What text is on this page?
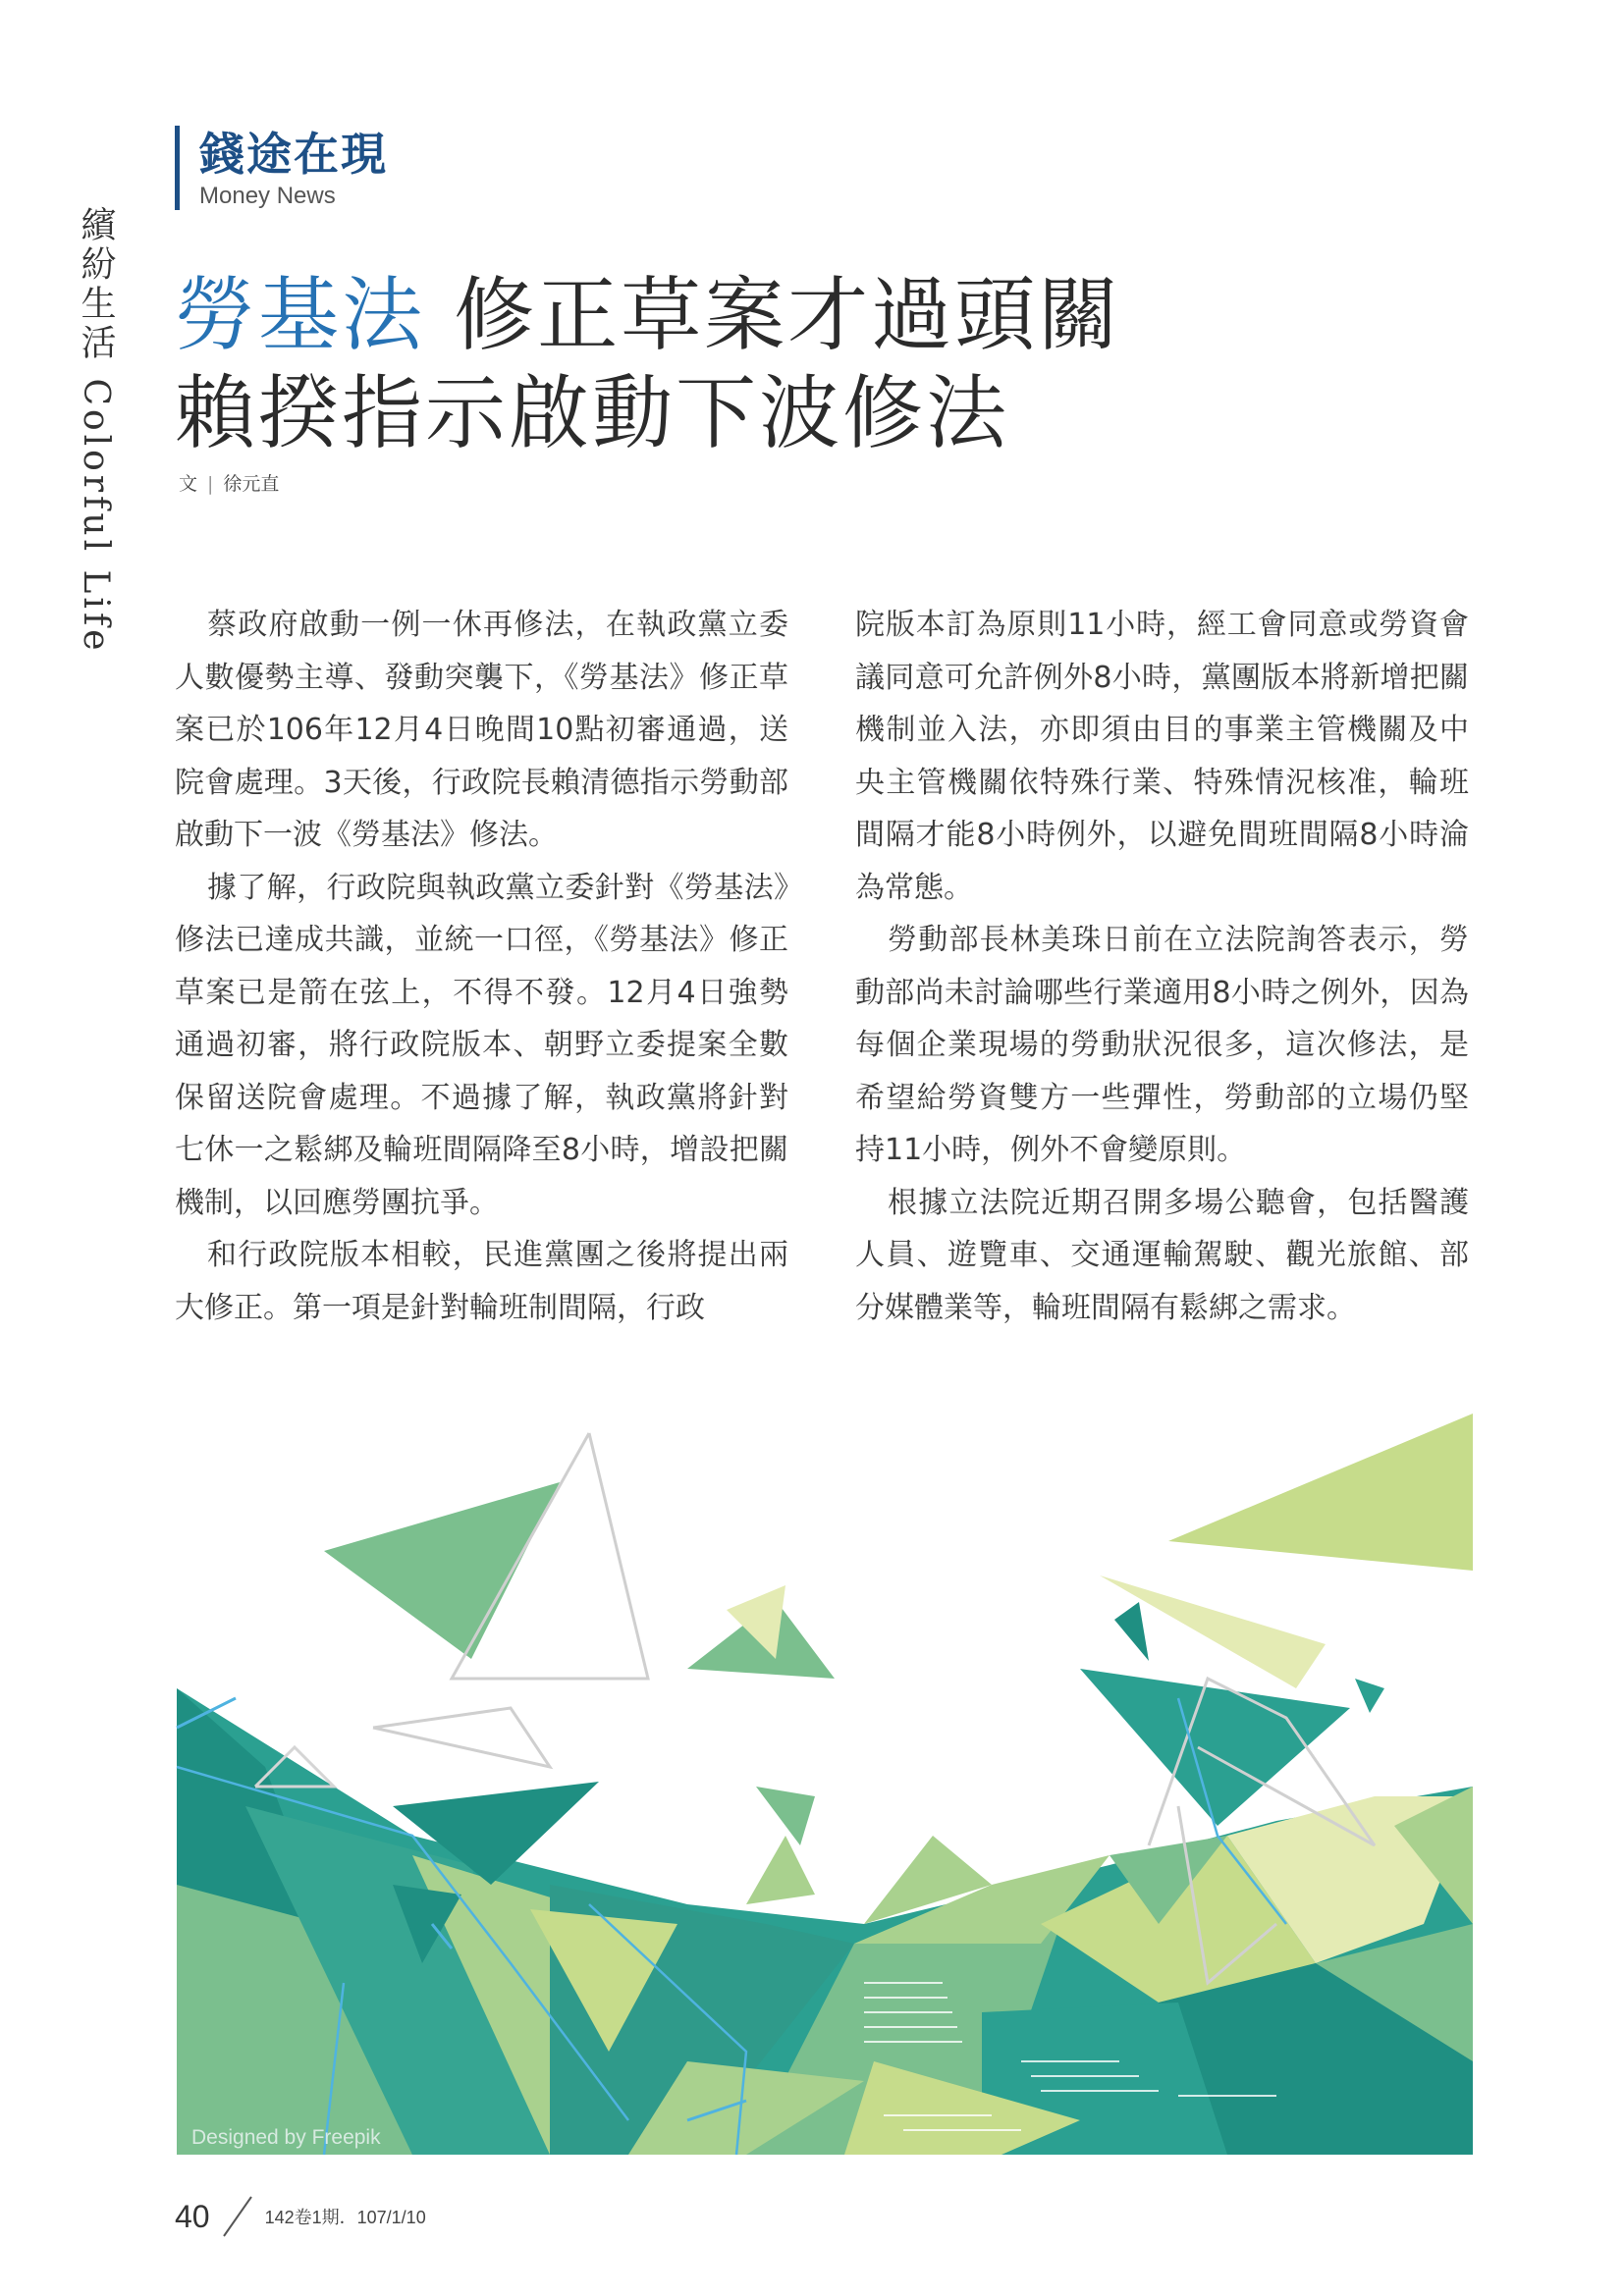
繽紛生活 Colorful Life
錢途在現
Money News
勞基法 修正草案才過頭關
賴揆指示啟動下波修法
文 | 徐元直

蔡政府啟動一例一休再修法，在執政黨立委人數優勢主導、發動突襲下，《勞基法》修正草案已於106年12月4日晚間10點初審通過，送院會處理。3天後，行政院長賴清德指示勞動部啟動下一波《勞基法》修法。

據了解，行政院與執政黨立委針對《勞基法》修法已達成共識，並統一口徑，《勞基法》修正草案已是箭在弦上，不得不發。12月4日強勢通過初審，將行政院版本、朝野立委提案全數保留送院會處理。不過據了解，執政黨將針對七休一之鬆綁及輪班間隔降至8小時，增設把關機制，以回應勞團抗爭。

和行政院版本相較，民進黨團之後將提出兩大修正。第一項是針對輪班制間隔，行政

院版本訂為原則11小時，經工會同意或勞資會議同意可允許例外8小時，黨團版本將新增把關機制並入法，亦即須由目的事業主管機關及中央主管機關依特殊行業、特殊情況核准，輪班間隔才能8小時例外，以避免間班間隔8小時淪為常態。

勞動部長林美珠日前在立法院詢答表示，勞動部尚未討論哪些行業適用8小時之例外，因為每個企業現場的勞動狀況很多，這次修法，是希望給勞資雙方一些彈性，勞動部的立場仍堅持11小時，例外不會變原則。

根據立法院近期召開多場公聽會，包括醫護人員、遊覽車、交通運輸駕駛、觀光旅館、部分媒體業等，輪班間隔有鬆綁之需求。

Designed by Freepik
40	142卷1期．107/1/10
